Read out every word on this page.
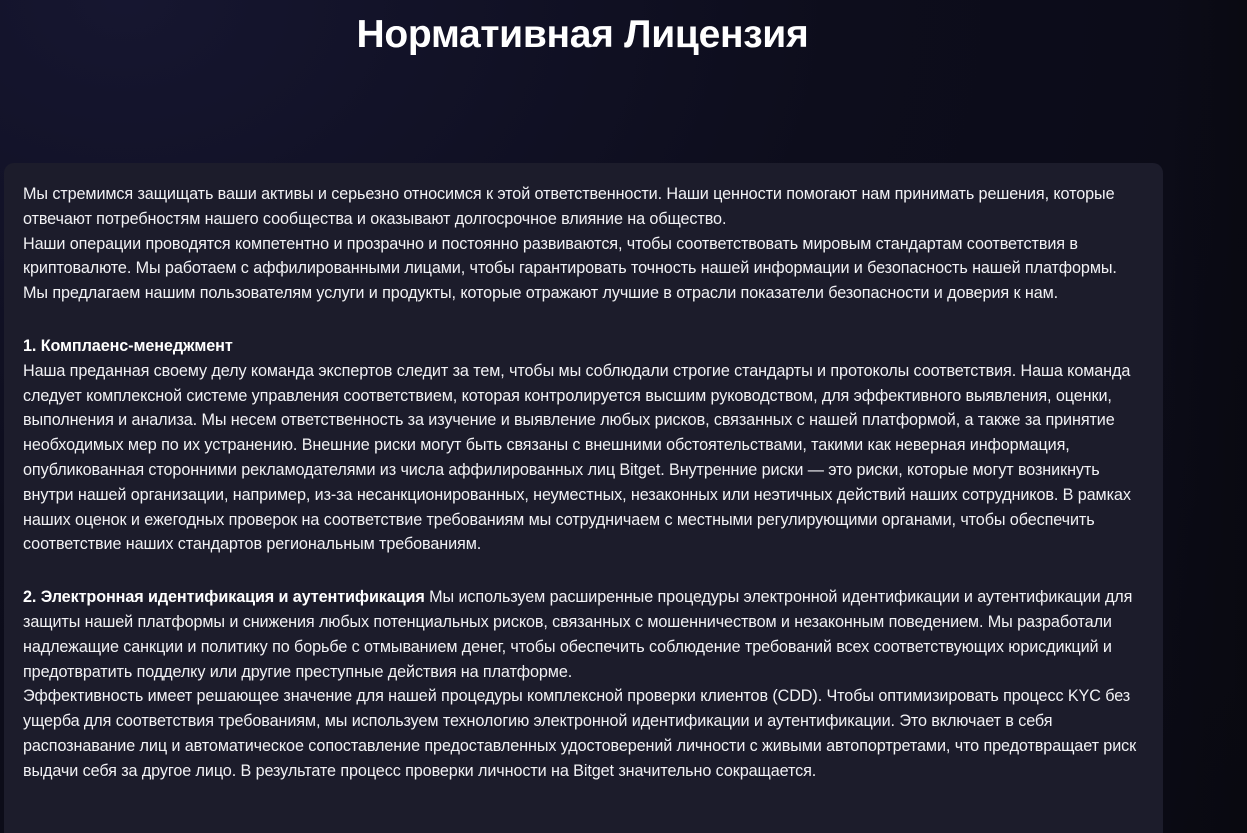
Нормативная Лицензия

Мы стремимся защищать ваши активы и серьезно относимся к этой ответственности. Наши ценности помогают нам принимать решения, которые отвечают потребностям нашего сообщества и оказывают долгосрочное влияние на общество.

Наши операции проводятся компетентно и прозрачно и постоянно развиваются, чтобы соответствовать мировым стандартам соответствия в криптовалюте. Мы работаем с аффилированными лицами, чтобы гарантировать точность нашей информации и безопасность нашей платформы. Мы предлагаем нашим пользователям услуги и продукты, которые отражают лучшие в отрасли показатели безопасности и доверия к нам.

1. Комплаенс-менеджмент

Наша преданная своему делу команда экспертов следит за тем, чтобы мы соблюдали строгие стандарты и протоколы соответствия. Наша команда следует комплексной системе управления соответствием, которая контролируется высшим руководством, для эффективного выявления, оценки, выполнения и анализа. Мы несем ответственность за изучение и выявление любых рисков, связанных с нашей платформой, а также за принятие необходимых мер по их устранению. Внешние риски могут быть связаны с внешними обстоятельствами, такими как неверная информация, опубликованная сторонними рекламодателями из числа аффилированных лиц Bitget. Внутренние риски — это риски, которые могут возникнуть внутри нашей организации, например, из-за несанкционированных, неуместных, незаконных или неэтичных действий наших сотрудников. В рамках наших оценок и ежегодных проверок на соответствие требованиям мы сотрудничаем с местными регулирующими органами, чтобы обеспечить соответствие наших стандартов региональным требованиям.

2. Электронная идентификация и аутентификация Мы используем расширенные процедуры электронной идентификации и аутентификации для защиты нашей платформы и снижения любых потенциальных рисков, связанных с мошенничеством и незаконным поведением. Мы разработали надлежащие санкции и политику по борьбе с отмыванием денег, чтобы обеспечить соблюдение требований всех соответствующих юрисдикций и предотвратить подделку или другие преступные действия на платформе.

Эффективность имеет решающее значение для нашей процедуры комплексной проверки клиентов (CDD). Чтобы оптимизировать процесс KYC без ущерба для соответствия требованиям, мы используем технологию электронной идентификации и аутентификации. Это включает в себя распознавание лиц и автоматическое сопоставление предоставленных удостоверений личности с живыми автопортретами, что предотвращает риск выдачи себя за другое лицо. В результате процесс проверки личности на Bitget значительно сокращается.
